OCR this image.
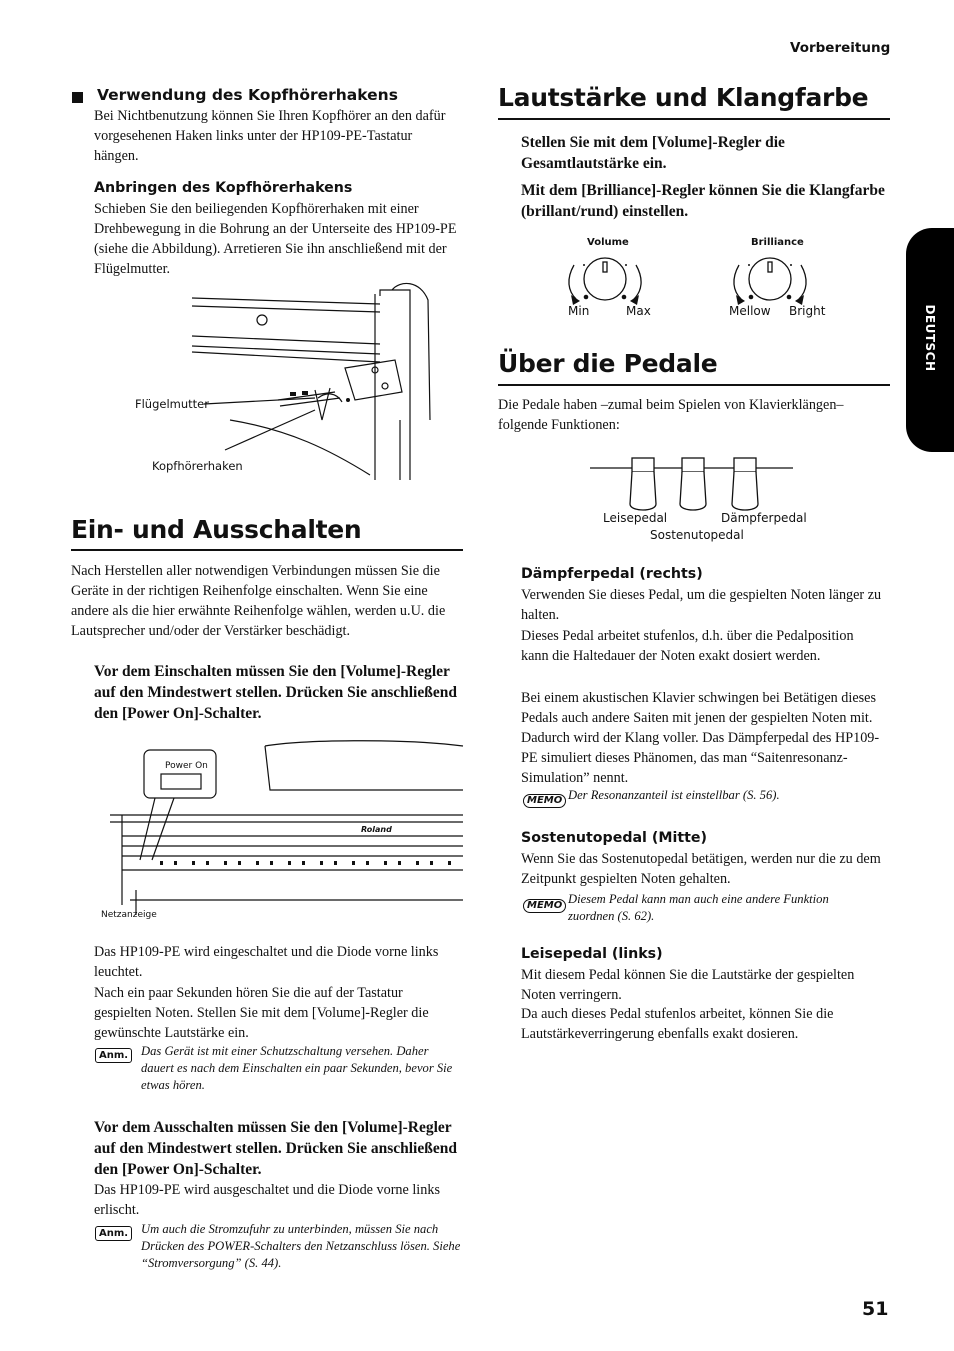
Vorbereitung
51
DEUTSCH
Verwendung des Kopfhörerhakens
Bei Nichtbenutzung können Sie Ihren Kopfhörer an den dafür vorgesehenen Haken links unter der HP109-PE-Tastatur hängen.
Anbringen des Kopfhörerhakens
Schieben Sie den beiliegenden Kopfhörerhaken mit einer Drehbewegung in die Bohrung an der Unterseite des HP109-PE (siehe die Abbildung). Arretieren Sie ihn anschließend mit der Flügelmutter.
Flügelmutter
Kopfhörerhaken
Ein- und Ausschalten
Nach Herstellen aller notwendigen Verbindungen müssen Sie die Geräte in der richtigen Reihenfolge einschalten. Wenn Sie eine andere als die hier erwähnte Reihenfolge wählen, werden u.U. die Lautsprecher und/oder der Verstärker beschädigt.
Vor dem Einschalten müssen Sie den [Volume]-Regler auf den Mindestwert stellen. Drücken Sie anschließend den [Power On]-Schalter.
Power On
Roland
Netzanzeige
Das HP109-PE wird eingeschaltet und die Diode vorne links leuchtet.
Nach ein paar Sekunden hören Sie die auf der Tastatur gespielten Noten. Stellen Sie mit dem [Volume]-Regler die gewünschte Lautstärke ein.
Anm.	Das Gerät ist mit einer Schutzschaltung versehen. Daher dauert es nach dem Einschalten ein paar Sekunden, bevor Sie etwas hören.
Vor dem Ausschalten müssen Sie den [Volume]-Regler auf den Mindestwert stellen. Drücken Sie anschließend den [Power On]-Schalter.
Das HP109-PE wird ausgeschaltet und die Diode vorne links erlischt.
Anm.	Um auch die Stromzufuhr zu unterbinden, müssen Sie nach Drücken des POWER-Schalters den Netzanschluss lösen. Siehe “Stromversorgung” (S. 44).
Lautstärke und Klangfarbe
Stellen Sie mit dem [Volume]-Regler die Gesamtlautstärke ein.
Mit dem [Brilliance]-Regler können Sie die Klangfarbe (brillant/rund) einstellen.
Volume	Brilliance
Min	Max	Mellow Bright
Über die Pedale
Die Pedale haben –zumal beim Spielen von Klavierklängen– folgende Funktionen:
Leisepedal	Dämpferpedal
Sostenutopedal
Dämpferpedal (rechts)
Verwenden Sie dieses Pedal, um die gespielten Noten länger zu halten.
Dieses Pedal arbeitet stufenlos, d.h. über die Pedalposition kann die Haltedauer der Noten exakt dosiert werden.
Bei einem akustischen Klavier schwingen bei Betätigen dieses Pedals auch andere Saiten mit jenen der gespielten Noten mit. Dadurch wird der Klang voller. Das Dämpferpedal des HP109-PE simuliert dieses Phänomen, das man “Saitenresonanz-Simulation” nennt.
MEMO Der Resonanzanteil ist einstellbar (S. 56).
Sostenutopedal (Mitte)
Wenn Sie das Sostenutopedal betätigen, werden nur die zu dem Zeitpunkt gespielten Noten gehalten.
MEMO Diesem Pedal kann man auch eine andere Funktion zuordnen (S. 62).
Leisepedal (links)
Mit diesem Pedal können Sie die Lautstärke der gespielten Noten verringern.
Da auch dieses Pedal stufenlos arbeitet, können Sie die Lautstärkeverringerung ebenfalls exakt dosieren.
